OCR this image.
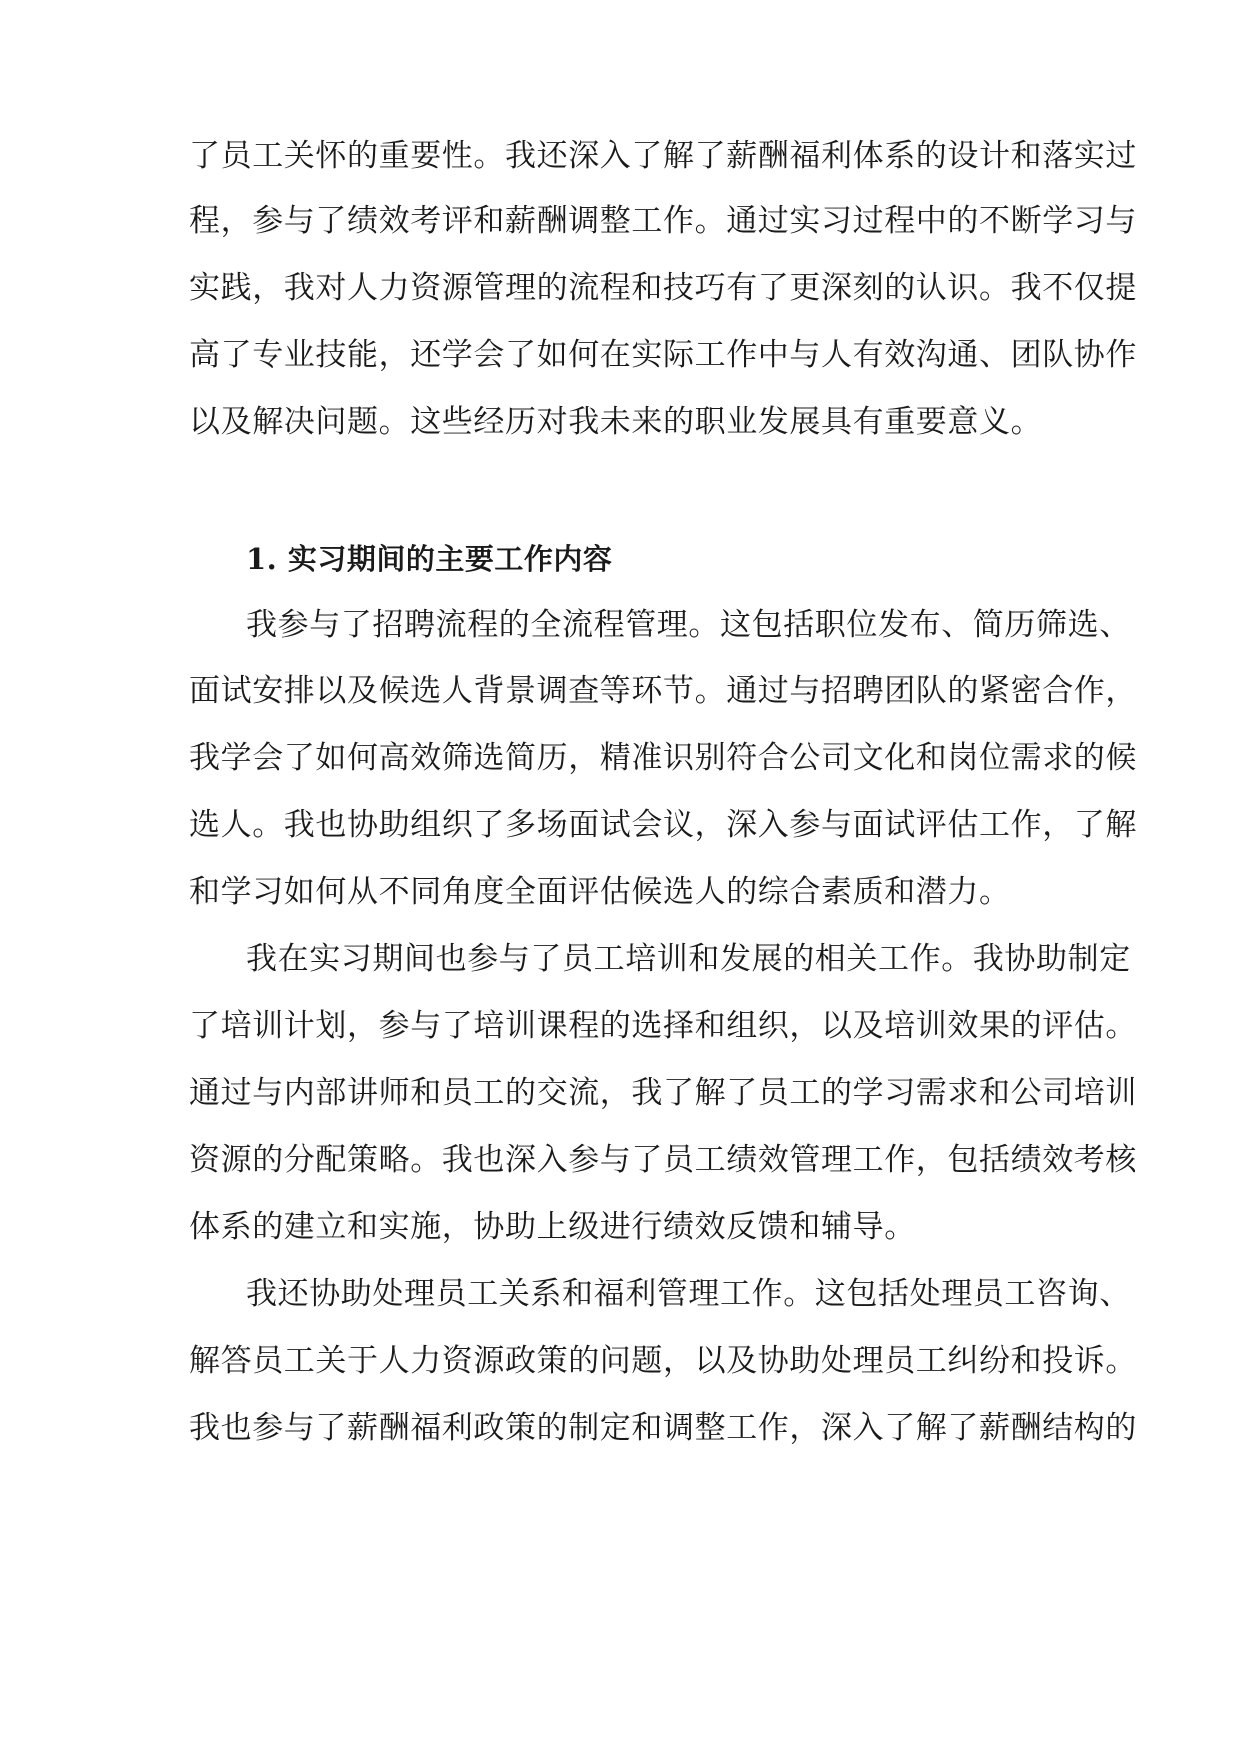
了员工关怀的重要性。我还深入了解了薪酬福利体系的设计和落实过
程，参与了绩效考评和薪酬调整工作。通过实习过程中的不断学习与
实践，我对人力资源管理的流程和技巧有了更深刻的认识。我不仅提
高了专业技能，还学会了如何在实际工作中与人有效沟通、团队协作
以及解决问题。这些经历对我未来的职业发展具有重要意义。
1. 实习期间的主要工作内容
我参与了招聘流程的全流程管理。这包括职位发布、简历筛选、
面试安排以及候选人背景调查等环节。通过与招聘团队的紧密合作，
我学会了如何高效筛选简历，精准识别符合公司文化和岗位需求的候
选人。我也协助组织了多场面试会议，深入参与面试评估工作，了解
和学习如何从不同角度全面评估候选人的综合素质和潜力。
我在实习期间也参与了员工培训和发展的相关工作。我协助制定
了培训计划，参与了培训课程的选择和组织，以及培训效果的评估。
通过与内部讲师和员工的交流，我了解了员工的学习需求和公司培训
资源的分配策略。我也深入参与了员工绩效管理工作，包括绩效考核
体系的建立和实施，协助上级进行绩效反馈和辅导。
我还协助处理员工关系和福利管理工作。这包括处理员工咨询、
解答员工关于人力资源政策的问题，以及协助处理员工纠纷和投诉。
我也参与了薪酬福利政策的制定和调整工作，深入了解了薪酬结构的
